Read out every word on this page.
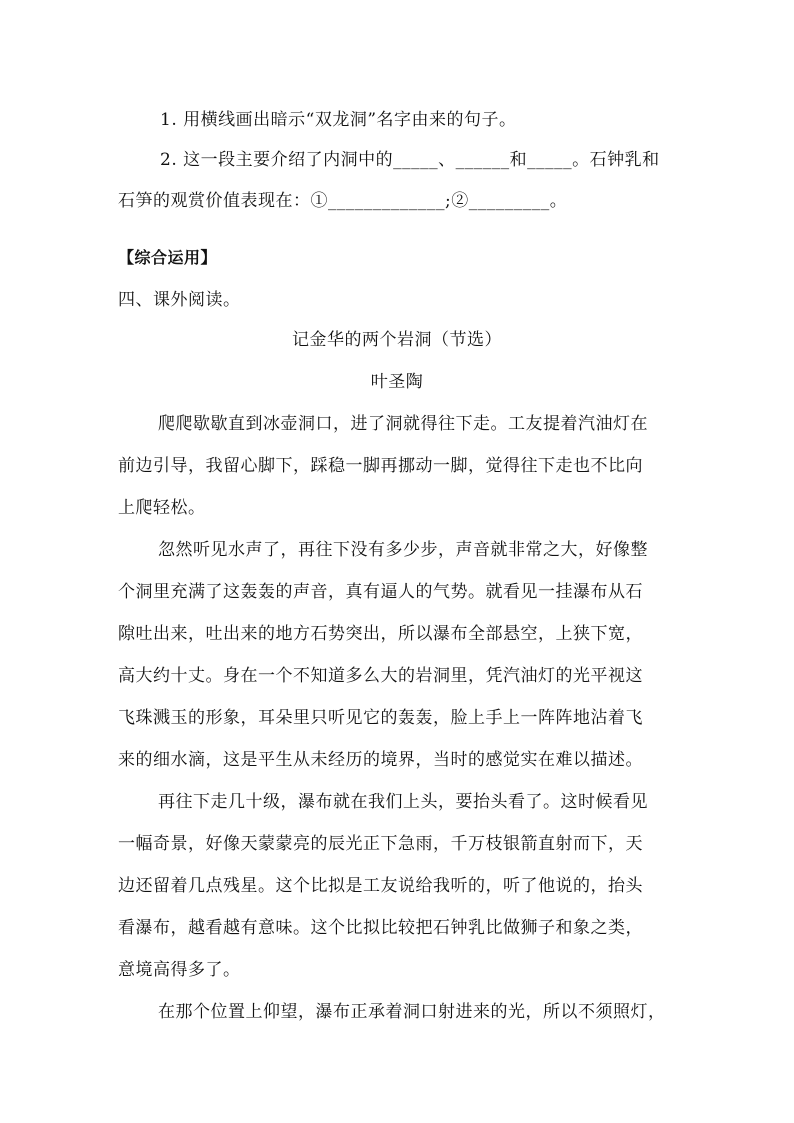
1. 用横线画出暗示“双龙洞”名字由来的句子。
2. 这一段主要介绍了内洞中的_____、______和_____。石钟乳和
石笋的观赏价值表现在：①_____________;②_________。
【综合运用】
四、课外阅读。
记金华的两个岩洞（节选）
叶圣陶
爬爬歇歇直到冰壶洞口，进了洞就得往下走。工友提着汽油灯在
前边引导，我留心脚下，踩稳一脚再挪动一脚，觉得往下走也不比向
上爬轻松。
忽然听见水声了，再往下没有多少步，声音就非常之大，好像整
个洞里充满了这轰轰的声音，真有逼人的气势。就看见一挂瀑布从石
隙吐出来，吐出来的地方石势突出，所以瀑布全部悬空，上狭下宽，
高大约十丈。身在一个不知道多么大的岩洞里，凭汽油灯的光平视这
飞珠溅玉的形象，耳朵里只听见它的轰轰，脸上手上一阵阵地沾着飞
来的细水滴，这是平生从未经历的境界，当时的感觉实在难以描述。
再往下走几十级，瀑布就在我们上头，要抬头看了。这时候看见
一幅奇景，好像天蒙蒙亮的辰光正下急雨，千万枝银箭直射而下，天
边还留着几点残星。这个比拟是工友说给我听的，听了他说的，抬头
看瀑布，越看越有意味。这个比拟比较把石钟乳比做狮子和象之类，
意境高得多了。
在那个位置上仰望，瀑布正承着洞口射进来的光，所以不须照灯，
